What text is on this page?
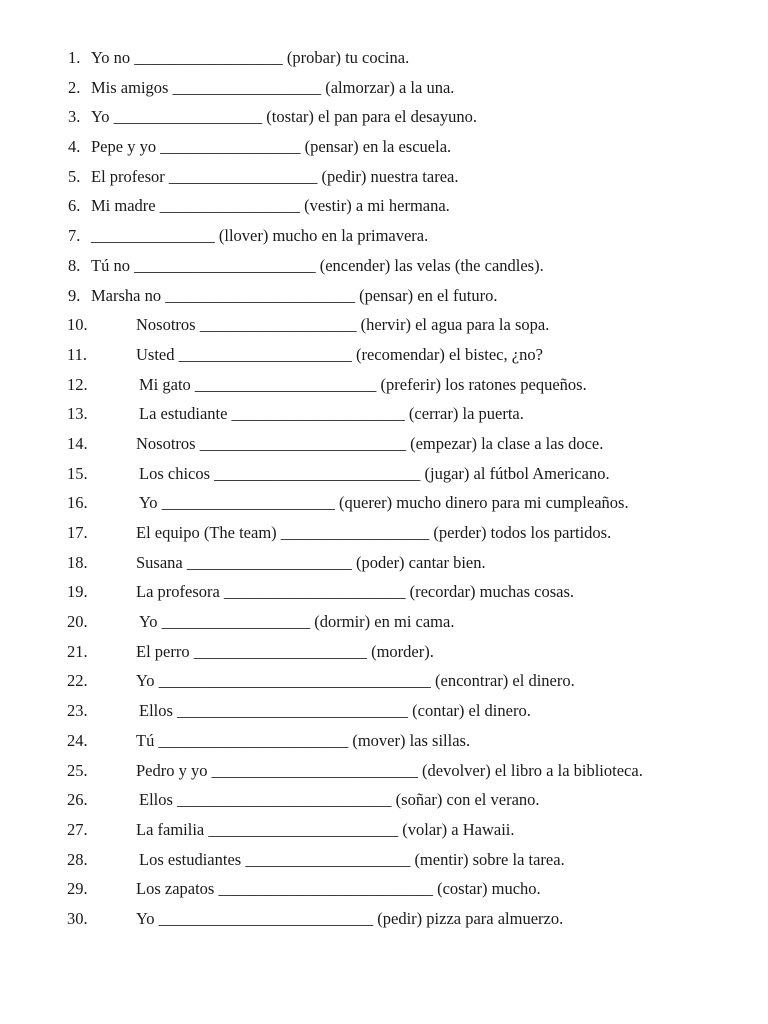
1. Yo no __________________ (probar) tu cocina.
2. Mis amigos __________________ (almorzar) a la una.
3. Yo __________________ (tostar) el pan para el desayuno.
4. Pepe y yo _________________ (pensar) en la escuela.
5. El profesor __________________ (pedir) nuestra tarea.
6. Mi madre _________________ (vestir) a mi hermana.
7. _______________ (llover) mucho en la primavera.
8. Tú no ______________________ (encender) las velas (the candles).
9. Marsha no _______________________ (pensar) en el futuro.
10.	Nosotros ___________________ (hervir) el agua para la sopa.
11.	Usted _____________________ (recomendar) el bistec, ¿no?
12.	Mi gato ______________________ (preferir) los ratones pequeños.
13.	La estudiante _____________________ (cerrar) la puerta.
14.	Nosotros _________________________ (empezar) la clase a las doce.
15.	Los chicos _________________________ (jugar) al fútbol Americano.
16.	Yo _____________________ (querer) mucho dinero para mi cumpleaños.
17.	El equipo (The team) __________________ (perder) todos los partidos.
18.	Susana ____________________ (poder) cantar bien.
19.	La profesora ______________________ (recordar) muchas cosas.
20.	Yo __________________ (dormir) en mi cama.
21.	El perro _____________________ (morder).
22.	Yo _________________________________ (encontrar) el dinero.
23.	Ellos ____________________________ (contar) el dinero.
24.	Tú _______________________ (mover) las sillas.
25.	Pedro y yo _________________________ (devolver) el libro a la biblioteca.
26.	Ellos __________________________ (soñar) con el verano.
27.	La familia _______________________ (volar) a Hawaii.
28.	Los estudiantes ____________________ (mentir) sobre la tarea.
29.	Los zapatos __________________________ (costar) mucho.
30.	Yo __________________________ (pedir) pizza para almuerzo.
